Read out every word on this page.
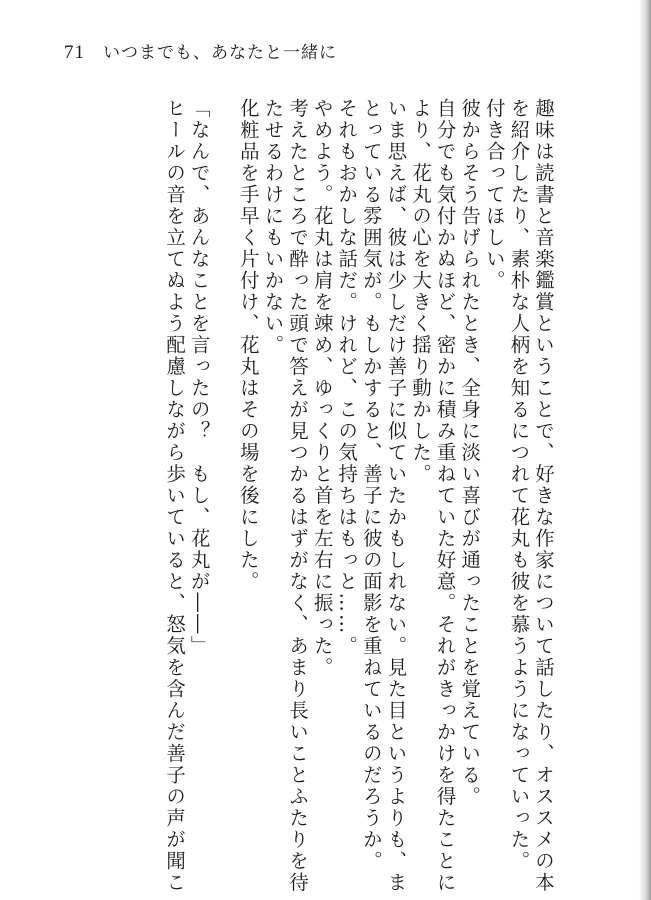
71 いつまでも、あなたと一緒に
趣味は読書と音楽鑑賞ということで、好きな作家について話したり、オススメの本
を紹介したり、素朴な人柄を知るにつれて花丸も彼を慕うようになっていった。
付き合ってほしい。
彼からそう告げられたとき、全身に淡い喜びが通ったことを覚えている。
自分でも気付かぬほど、密かに積み重ねていた好意。それがきっかけを得たことに
より、花丸の心を大きく揺り動かした。
いま思えば、彼は少しだけ善子に似ていたかもしれない。見た目というよりも、ま
とっている雰囲気が。もしかすると、善子に彼の面影を重ねているのだろうか。
それもおかしな話だ。けれど、この気持ちはもっと……。
やめよう。花丸は肩を竦め、ゆっくりと首を左右に振った。
考えたところで酔った頭で答えが見つかるはずがなく、あまり長いことふたりを待
たせるわけにもいかない。
化粧品を手早く片付け、花丸はその場を後にした。

「なんで、あんなことを言ったの？　もし、花丸が――」
ヒールの音を立てぬよう配慮しながら歩いていると、怒気を含んだ善子の声が聞こ
